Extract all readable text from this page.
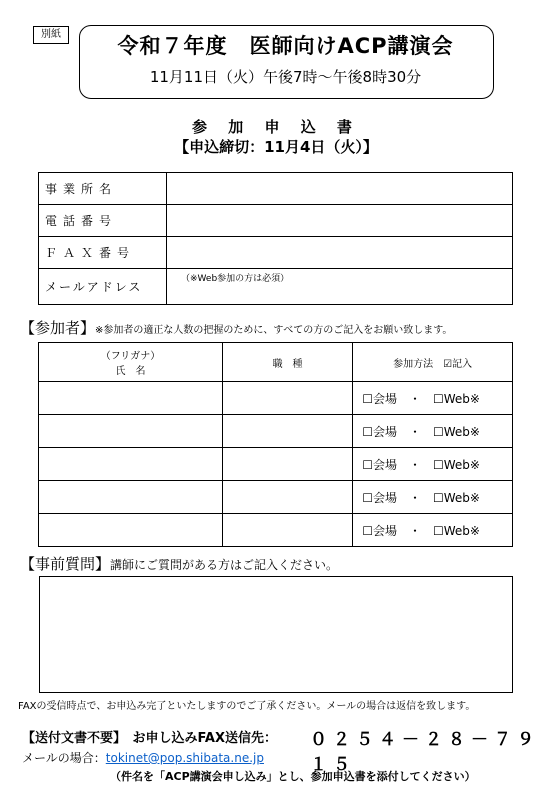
別紙	令和７年度　医師向けACP講演会
11月11日（火）午後7時～午後8時30分
参 加 申 込 書
【申込締切：11月4日（火）】
事業所名	
電話番号	
ＦＡＸ番号	
メールアドレス	（※Web参加の方は必須）
【参加者】※参加者の適正な人数の把握のために、すべての方のご記入をお願い致します。
（フリガナ）
氏　名	職　種	参加方法　☑記入
		☐会場　・　☐Web※
		☐会場　・　☐Web※
		☐会場　・　☐Web※
		☐会場　・　☐Web※
		☐会場　・　☐Web※
【事前質問】講師にご質問がある方はご記入ください。
FAXの受信時点で、お申込み完了といたしますのでご了承ください。メールの場合は返信を致します。
【送付文書不要】　 お申し込みFAX送信先： ０２５４－２８－７９１５
メールの場合：tokinet@pop.shibata.ne.jp
（件名を「ACP講演会申し込み」とし、参加申込書を添付してください）
